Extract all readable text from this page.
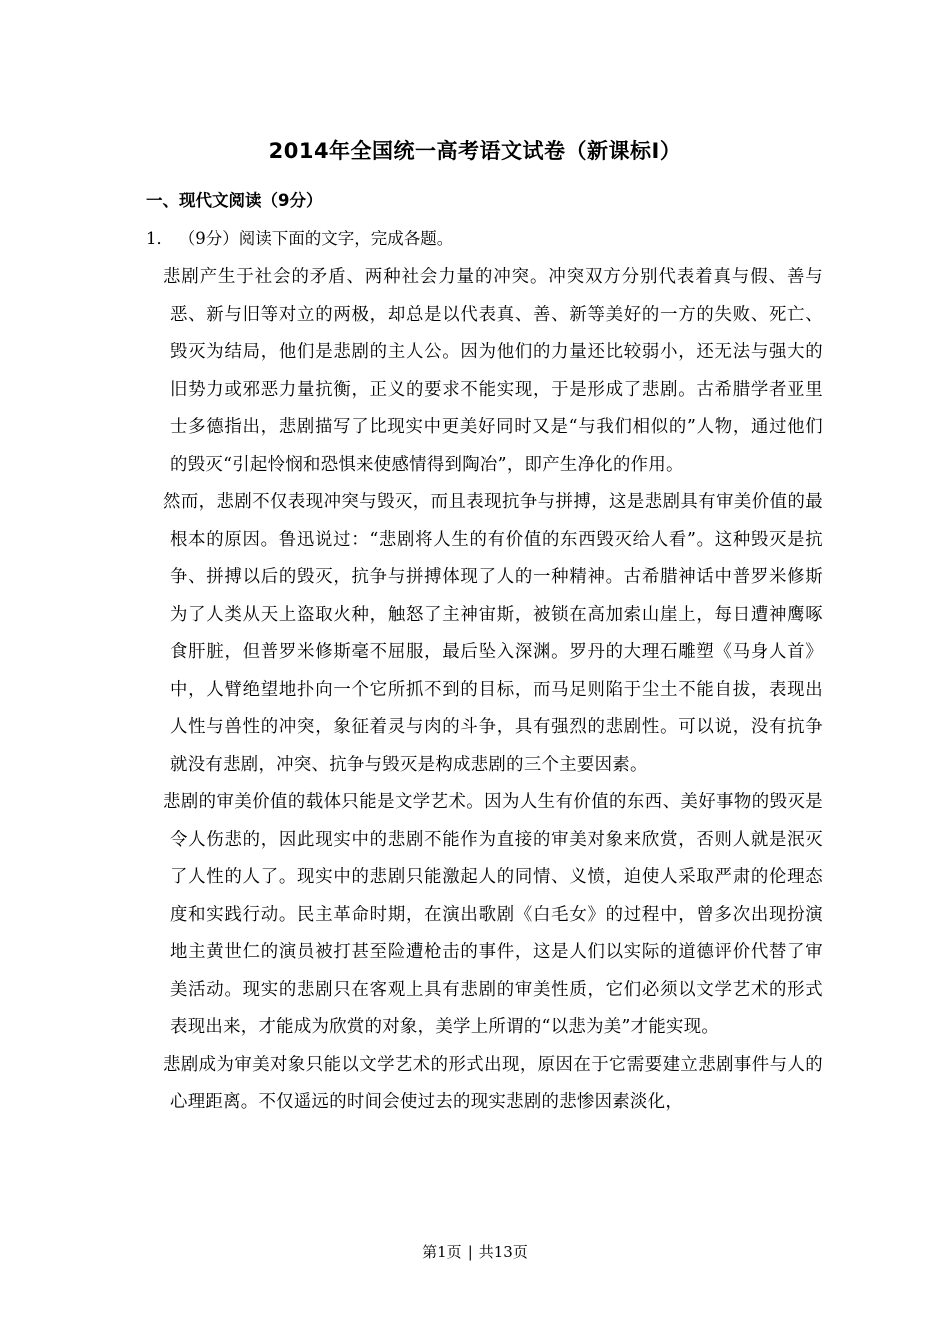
2014年全国统一高考语文试卷（新课标Ⅰ）
一、现代文阅读（9分）
1． （9分）阅读下面的文字，完成各题。

悲剧产生于社会的矛盾、两种社会力量的冲突。冲突双方分别代表着真与假、善与恶、新与旧等对立的两极，却总是以代表真、善、新等美好的一方的失败、死亡、毁灭为结局，他们是悲剧的主人公。因为他们的力量还比较弱小，还无法与强大的旧势力或邪恶力量抗衡，正义的要求不能实现，于是形成了悲剧。古希腊学者亚里士多德指出，悲剧描写了比现实中更美好同时又是“与我们相似的”人物，通过他们的毁灭“引起怜悯和恐惧来使感情得到陶冶”，即产生净化的作用。

然而，悲剧不仅表现冲突与毁灭，而且表现抗争与拼搏，这是悲剧具有审美价值的最根本的原因。鲁迅说过：“悲剧将人生的有价值的东西毁灭给人看”。这种毁灭是抗争、拼搏以后的毁灭，抗争与拼搏体现了人的一种精神。古希腊神话中普罗米修斯为了人类从天上盗取火种，触怒了主神宙斯，被锁在高加索山崖上，每日遭神鹰啄食肝脏，但普罗米修斯毫不屈服，最后坠入深渊。罗丹的大理石雕塑《马身人首》中，人臂绝望地扑向一个它所抓不到的目标，而马足则陷于尘土不能自拔，表现出人性与兽性的冲突，象征着灵与肉的斗争，具有强烈的悲剧性。可以说，没有抗争就没有悲剧，冲突、抗争与毁灭是构成悲剧的三个主要因素。

悲剧的审美价值的载体只能是文学艺术。因为人生有价值的东西、美好事物的毁灭是令人伤悲的，因此现实中的悲剧不能作为直接的审美对象来欣赏，否则人就是泯灭了人性的人了。现实中的悲剧只能激起人的同情、义愤，迫使人采取严肃的伦理态度和实践行动。民主革命时期，在演出歌剧《白毛女》的过程中，曾多次出现扮演地主黄世仁的演员被打甚至险遭枪击的事件，这是人们以实际的道德评价代替了审美活动。现实的悲剧只在客观上具有悲剧的审美性质，它们必须以文学艺术的形式表现出来，才能成为欣赏的对象，美学上所谓的“以悲为美”才能实现。

悲剧成为审美对象只能以文学艺术的形式出现，原因在于它需要建立悲剧事件与人的心理距离。不仅遥远的时间会使过去的现实悲剧的悲惨因素淡化，

第1页 | 共13页
